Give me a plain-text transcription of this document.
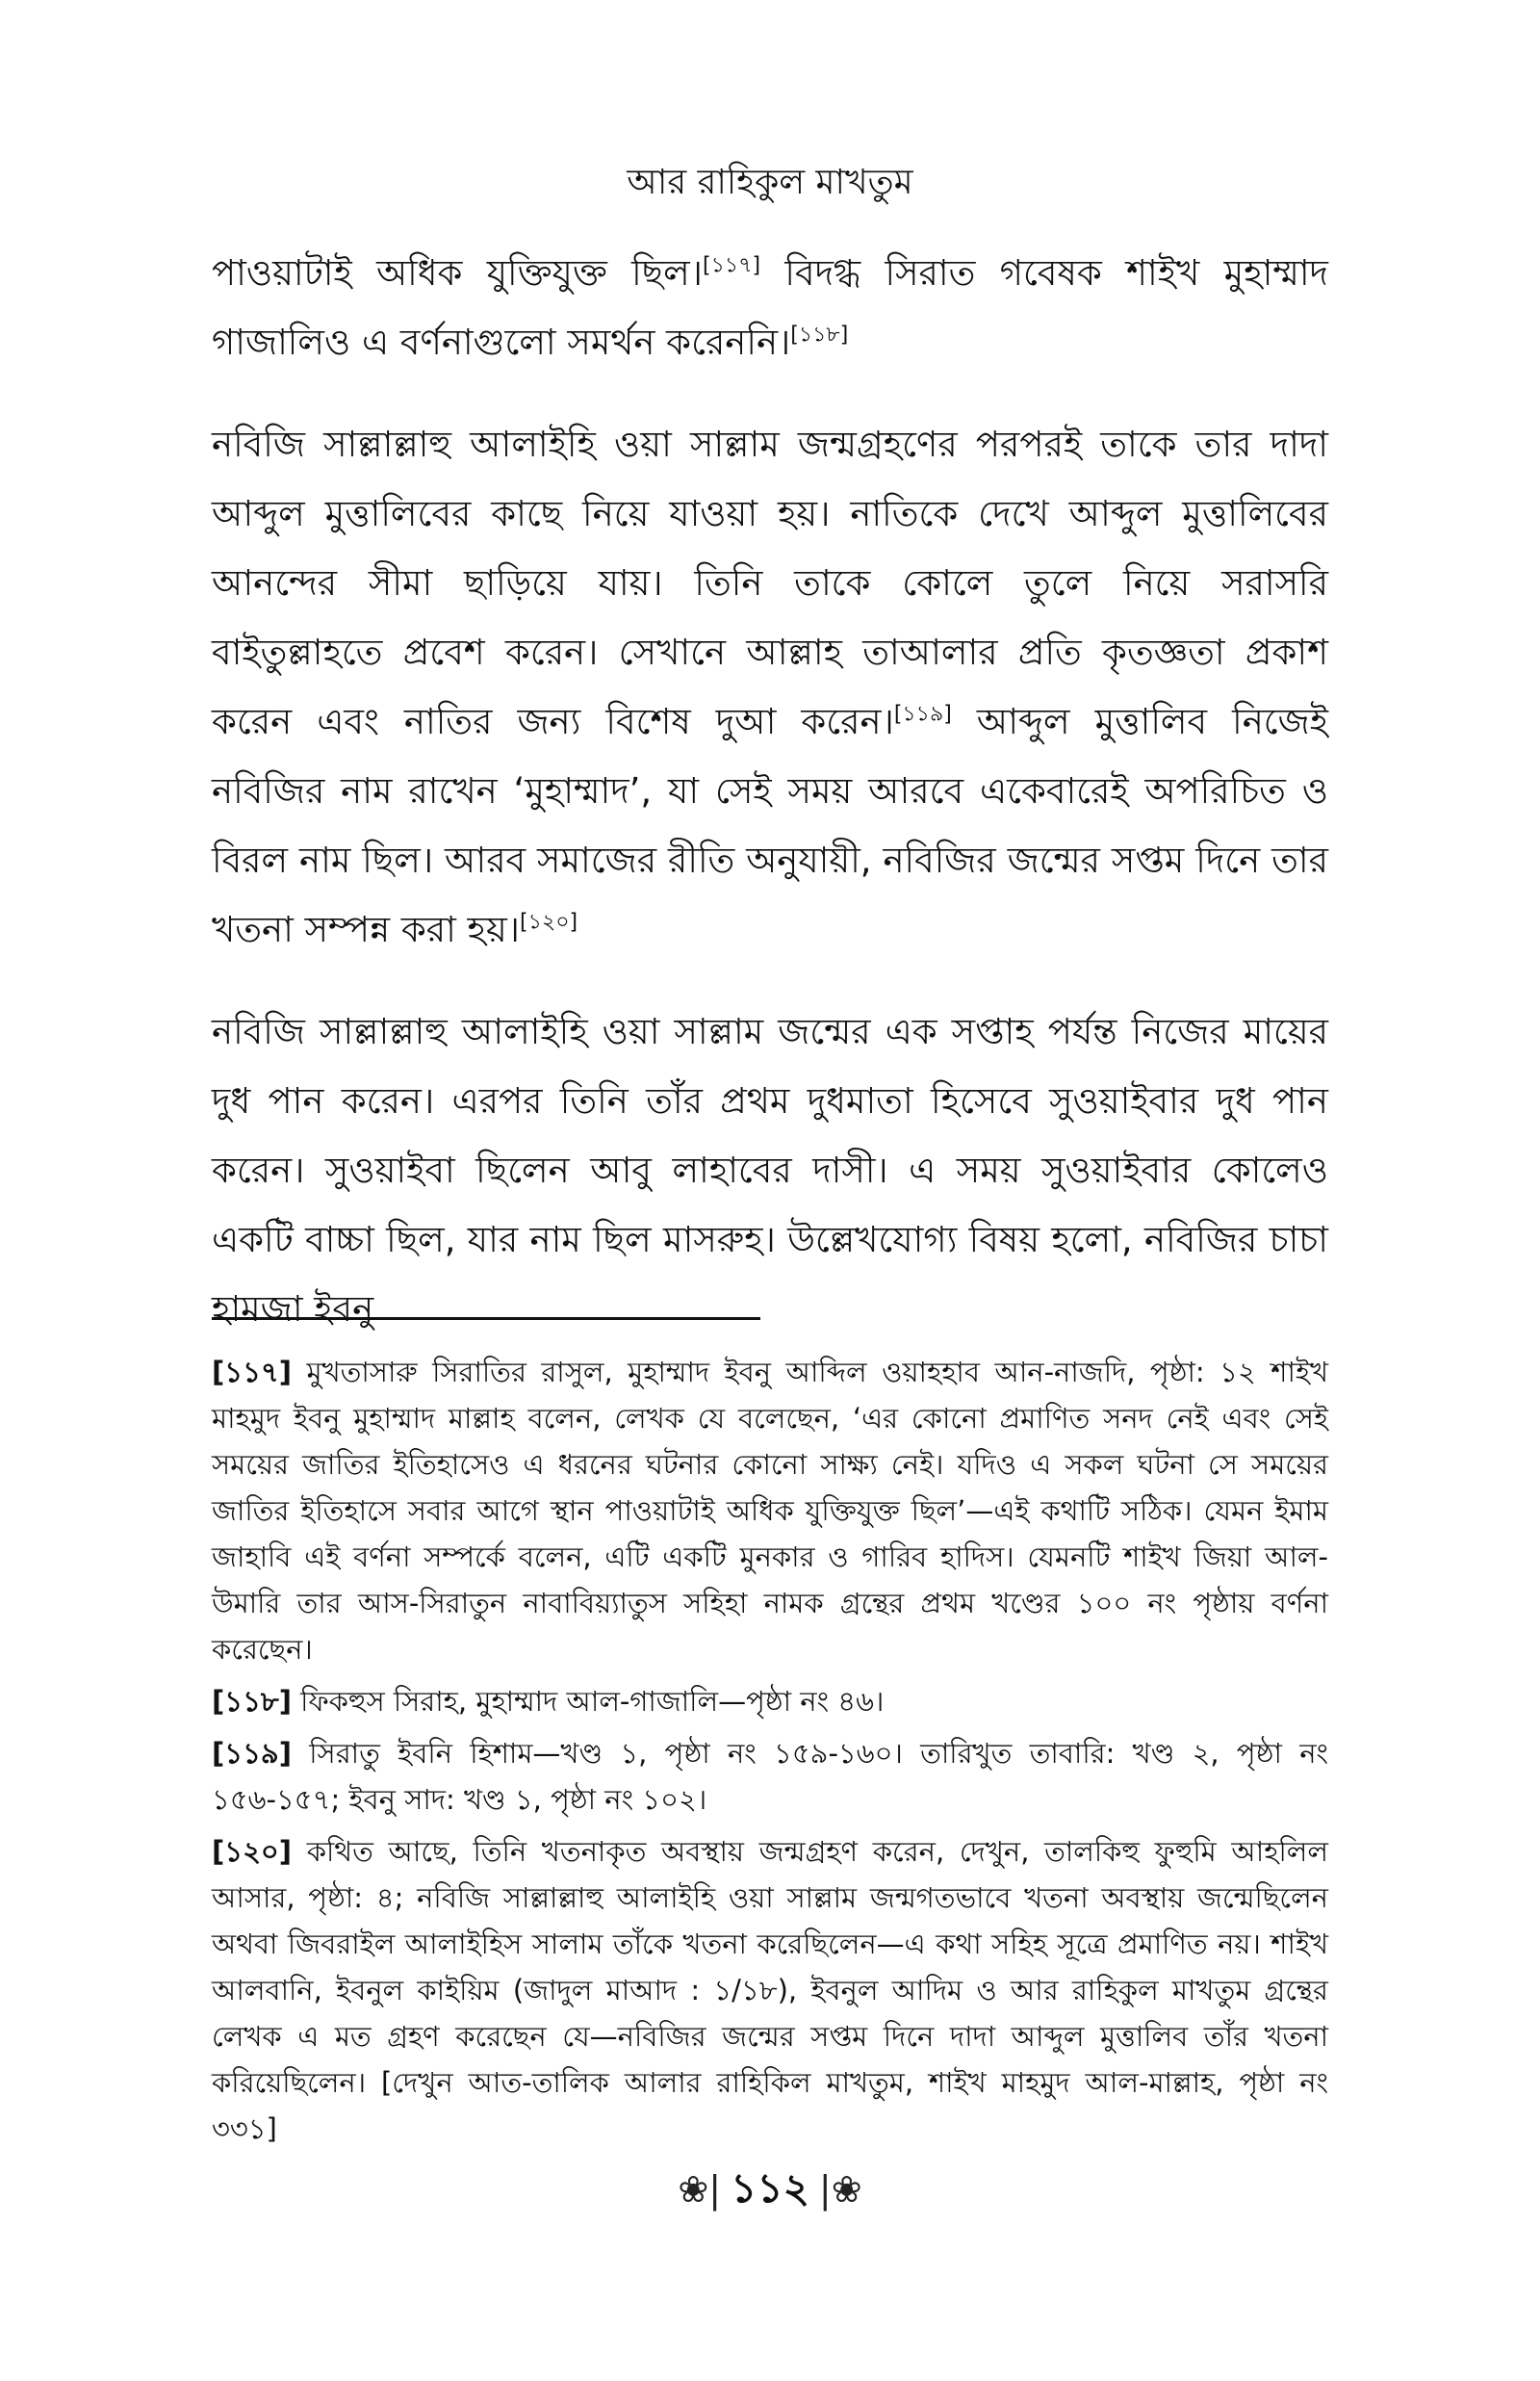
আর রাহিকুল মাখতুম

পাওয়াটাই অধিক যুক্তিযুক্ত ছিল।[১১৭] বিদগ্ধ সিরাত গবেষক শাইখ মুহাম্মাদ গাজালিও এ বর্ণনাগুলো সমর্থন করেননি।[১১৮]

নবিজি সাল্লাল্লাহু আলাইহি ওয়া সাল্লাম জন্মগ্রহণের পরপরই তাকে তার দাদা আব্দুল মুত্তালিবের কাছে নিয়ে যাওয়া হয়। নাতিকে দেখে আব্দুল মুত্তালিবের আনন্দের সীমা ছাড়িয়ে যায়। তিনি তাকে কোলে তুলে নিয়ে সরাসরি বাইতুল্লাহতে প্রবেশ করেন। সেখানে আল্লাহ তাআলার প্রতি কৃতজ্ঞতা প্রকাশ করেন এবং নাতির জন্য বিশেষ দুআ করেন।[১১৯] আব্দুল মুত্তালিব নিজেই নবিজির নাম রাখেন ‘মুহাম্মাদ’, যা সেই সময় আরবে একেবারেই অপরিচিত ও বিরল নাম ছিল। আরব সমাজের রীতি অনুযায়ী, নবিজির জন্মের সপ্তম দিনে তার খতনা সম্পন্ন করা হয়।[১২০]

নবিজি সাল্লাল্লাহু আলাইহি ওয়া সাল্লাম জন্মের এক সপ্তাহ পর্যন্ত নিজের মায়ের দুধ পান করেন। এরপর তিনি তাঁর প্রথম দুধমাতা হিসেবে সুওয়াইবার দুধ পান করেন। সুওয়াইবা ছিলেন আবু লাহাবের দাসী। এ সময় সুওয়াইবার কোলেও একটি বাচ্চা ছিল, যার নাম ছিল মাসরুহ। উল্লেখযোগ্য বিষয় হলো, নবিজির চাচা হামজা ইবনু

[১১৭] মুখতাসারু সিরাতির রাসুল, মুহাম্মাদ ইবনু আব্দিল ওয়াহহাব আন-নাজদি, পৃষ্ঠা: ১২ শাইখ মাহমুদ ইবনু মুহাম্মাদ মাল্লাহ বলেন, লেখক যে বলেছেন, ‘এর কোনো প্রমাণিত সনদ নেই এবং সেই সময়ের জাতির ইতিহাসেও এ ধরনের ঘটনার কোনো সাক্ষ্য নেই। যদিও এ সকল ঘটনা সে সময়ের জাতির ইতিহাসে সবার আগে স্থান পাওয়াটাই অধিক যুক্তিযুক্ত ছিল’—এই কথাটি সঠিক। যেমন ইমাম জাহাবি এই বর্ণনা সম্পর্কে বলেন, এটি একটি মুনকার ও গারিব হাদিস। যেমনটি শাইখ জিয়া আল-উমারি তার আস-সিরাতুন নাবাবিয়্যাতুস সহিহা নামক গ্রন্থের প্রথম খণ্ডের ১০০ নং পৃষ্ঠায় বর্ণনা করেছেন।

[১১৮] ফিকহুস সিরাহ, মুহাম্মাদ আল-গাজালি—পৃষ্ঠা নং ৪৬।

[১১৯] সিরাতু ইবনি হিশাম—খণ্ড ১, পৃষ্ঠা নং ১৫৯-১৬০। তারিখুত তাবারি: খণ্ড ২, পৃষ্ঠা নং ১৫৬-১৫৭; ইবনু সাদ: খণ্ড ১, পৃষ্ঠা নং ১০২।

[১২০] কথিত আছে, তিনি খতনাকৃত অবস্থায় জন্মগ্রহণ করেন, দেখুন, তালকিহু ফুহুমি আহলিল আসার, পৃষ্ঠা: ৪; নবিজি সাল্লাল্লাহু আলাইহি ওয়া সাল্লাম জন্মগতভাবে খতনা অবস্থায় জন্মেছিলেন অথবা জিবরাইল আলাইহিস সালাম তাঁকে খতনা করেছিলেন—এ কথা সহিহ সূত্রে প্রমাণিত নয়। শাইখ আলবানি, ইবনুল কাইয়িম (জাদুল মাআদ : ১/১৮), ইবনুল আদিম ও আর রাহিকুল মাখতুম গ্রন্থের লেখক এ মত গ্রহণ করেছেন যে—নবিজির জন্মের সপ্তম দিনে দাদা আব্দুল মুত্তালিব তাঁর খতনা করিয়েছিলেন। [দেখুন আত-তালিক আলার রাহিকিল মাখতুম, শাইখ মাহমুদ আল-মাল্লাহ, পৃষ্ঠা নং ৩৩১]

❀| ১১২ |❀
